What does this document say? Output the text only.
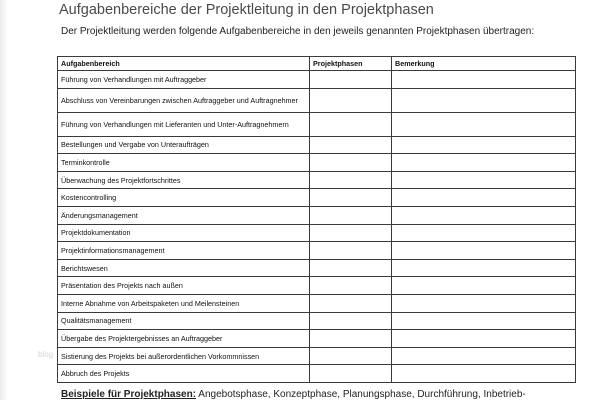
Aufgabenbereiche der Projektleitung in den Projektphasen
Der Projektleitung werden folgende Aufgabenbereiche in den jeweils genannten Projektphasen übertragen:
Aufgabenbereich	Projektphasen	Bemerkung
Führung von Verhandlungen mit Auftraggeber		
Abschluss von Vereinbarungen zwischen Auftraggeber und Auftragnehmer		
Führung von Verhandlungen mit Lieferanten und Unter-Auftragnehmern		
Bestellungen und Vergabe von Unteraufträgen		
Terminkontrolle		
Überwachung des Projektfortschrittes		
Kostencontrolling		
Änderungsmanagement		
Projektdokumentation		
Projektinformationsmanagement		
Berichtswesen		
Präsentation des Projekts nach außen		
Interne Abnahme von Arbeitspaketen und Meilensteinen		
Qualitätsmanagement		
Übergabe des Projektergebnisses an Auftraggeber		
Sistierung des Projekts bei außerordentlichen Vorkommnissen		
Abbruch des Projekts		
blog
Beispiele für Projektphasen: Angebotsphase, Konzeptphase, Planungsphase, Durchführung, Inbetrieb-
